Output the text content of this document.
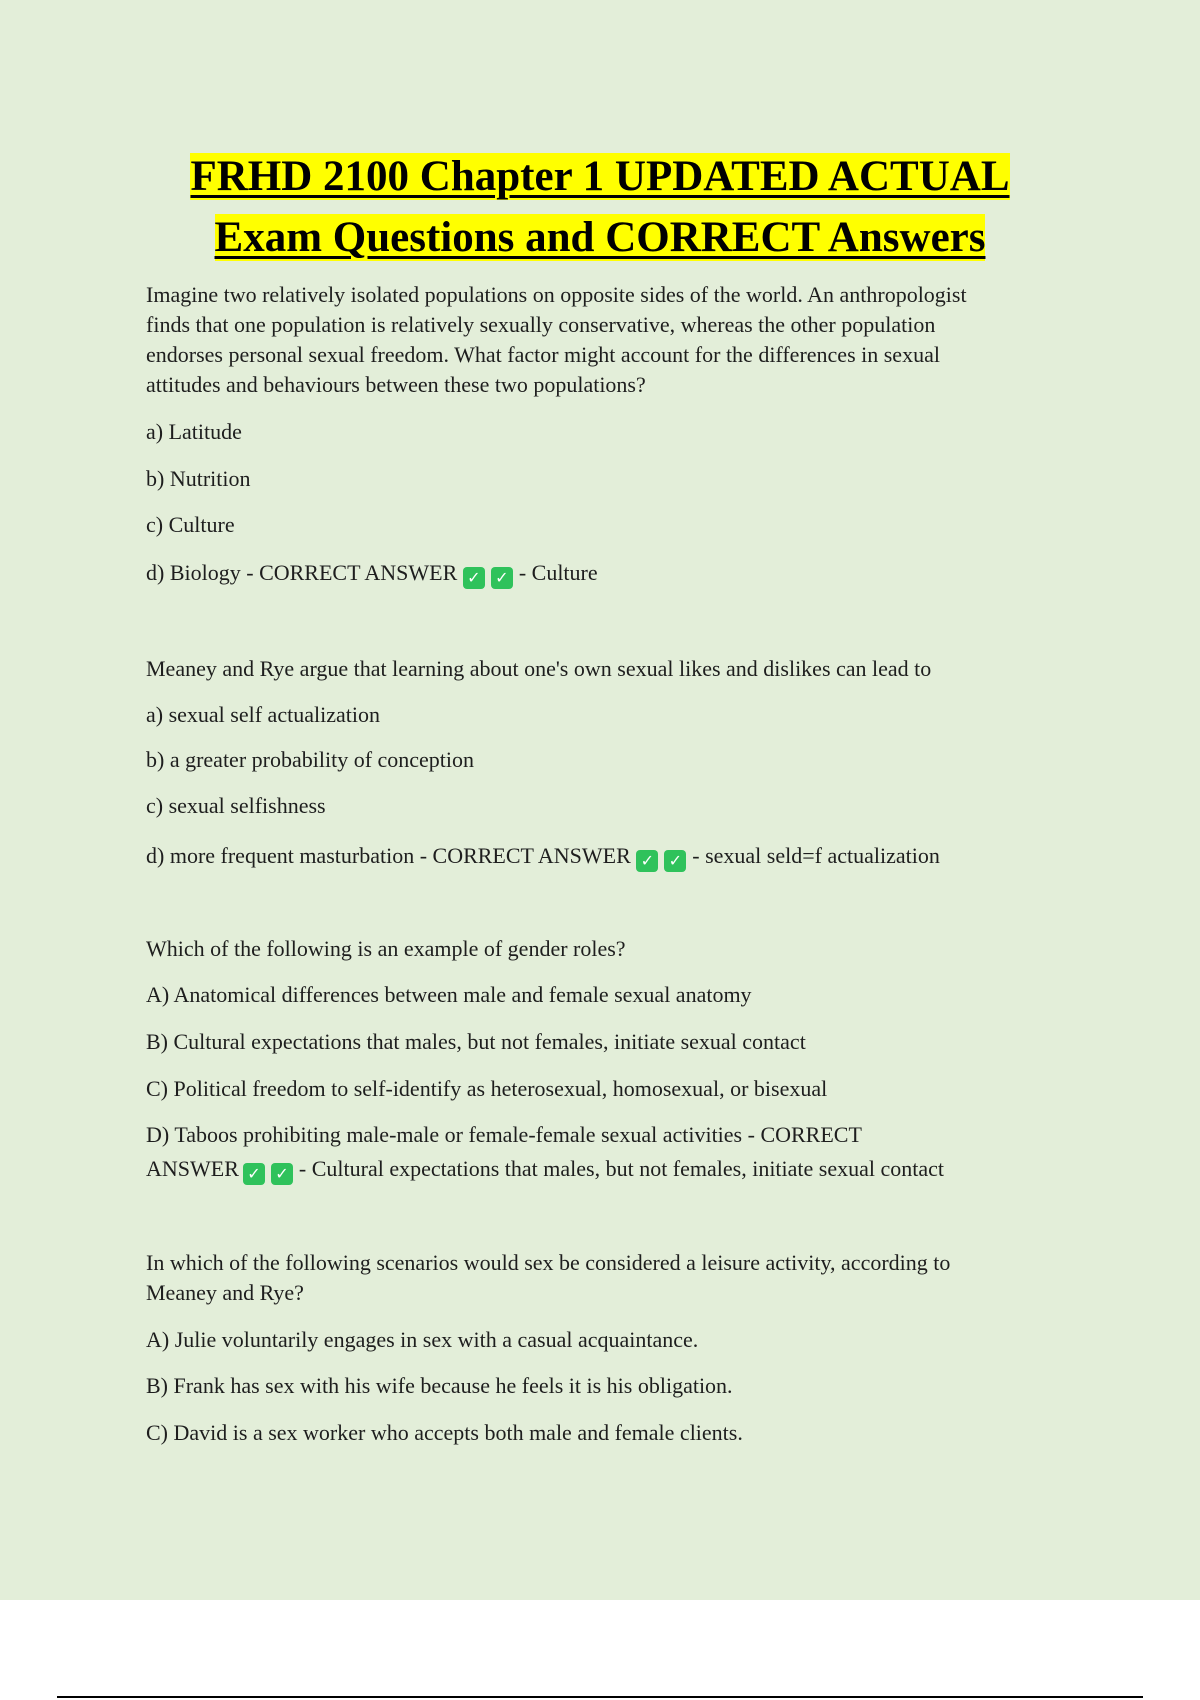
FRHD 2100 Chapter 1 UPDATED ACTUAL
Exam Questions and CORRECT Answers
Imagine two relatively isolated populations on opposite sides of the world. An anthropologist
finds that one population is relatively sexually conservative, whereas the other population
endorses personal sexual freedom. What factor might account for the differences in sexual
attitudes and behaviours between these two populations?
a) Latitude
b) Nutrition
c) Culture
d) Biology - CORRECT ANSWER ✓ ✓ - Culture
Meaney and Rye argue that learning about one's own sexual likes and dislikes can lead to
a) sexual self actualization
b) a greater probability of conception
c) sexual selfishness
d) more frequent masturbation - CORRECT ANSWER ✓ ✓ - sexual seld=f actualization
Which of the following is an example of gender roles?
A) Anatomical differences between male and female sexual anatomy
B) Cultural expectations that males, but not females, initiate sexual contact
C) Political freedom to self-identify as heterosexual, homosexual, or bisexual
D) Taboos prohibiting male-male or female-female sexual activities - CORRECT
ANSWER ✓ ✓ - Cultural expectations that males, but not females, initiate sexual contact
In which of the following scenarios would sex be considered a leisure activity, according to
Meaney and Rye?
A) Julie voluntarily engages in sex with a casual acquaintance.
B) Frank has sex with his wife because he feels it is his obligation.
C) David is a sex worker who accepts both male and female clients.
